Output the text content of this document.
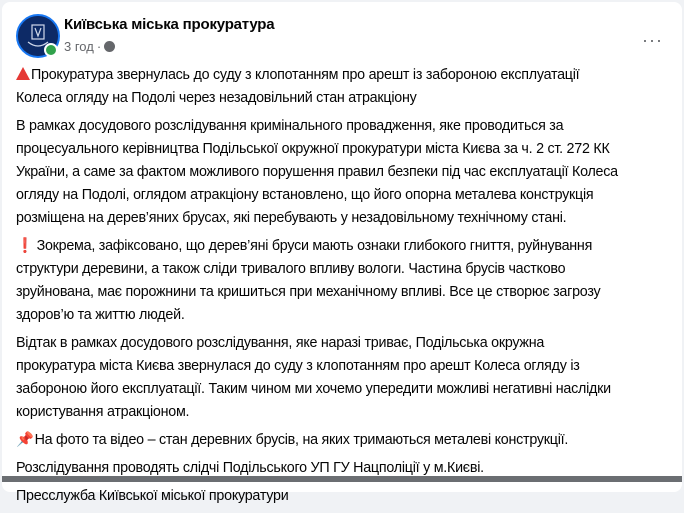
Київська міська прокуратура
3 год ·	···
Прокуратура звернулась до суду з клопотанням про арешт із забороною експлуатації
Колеса огляду на Подолі через незадовільний стан атракціону
В рамках досудового розслідування кримінального провадження, яке проводиться за
процесуального керівництва Подільської окружної прокуратури міста Києва за ч. 2 ст. 272 КК
України, а саме за фактом можливого порушення правил безпеки під час експлуатації Колеса
огляду на Подолі, оглядом атракціону встановлено, що його опорна металева конструкція
розміщена на дерев’яних брусах, які перебувають у незадовільному технічному стані.
❗ Зокрема, зафіксовано, що дерев’яні бруси мають ознаки глибокого гниття, руйнування
структури деревини, а також сліди тривалого впливу вологи. Частина брусів частково
зруйнована, має порожнини та кришиться при механічному впливі. Все це створює загрозу
здоров’ю та життю людей.
Відтак в рамках досудового розслідування, яке наразі триває, Подільська окружна
прокуратура міста Києва звернулася до суду з клопотанням про арешт Колеса огляду із
забороною його експлуатації. Таким чином ми хочемо упередити можливі негативні наслідки
користування атракціоном.
📌На фото та відео – стан деревних брусів, на яких тримаються металеві конструкції.
Розслідування проводять слідчі Подільського УП ГУ Нацполіції у м.Києві.
Пресслужба Київської міської прокуратури
